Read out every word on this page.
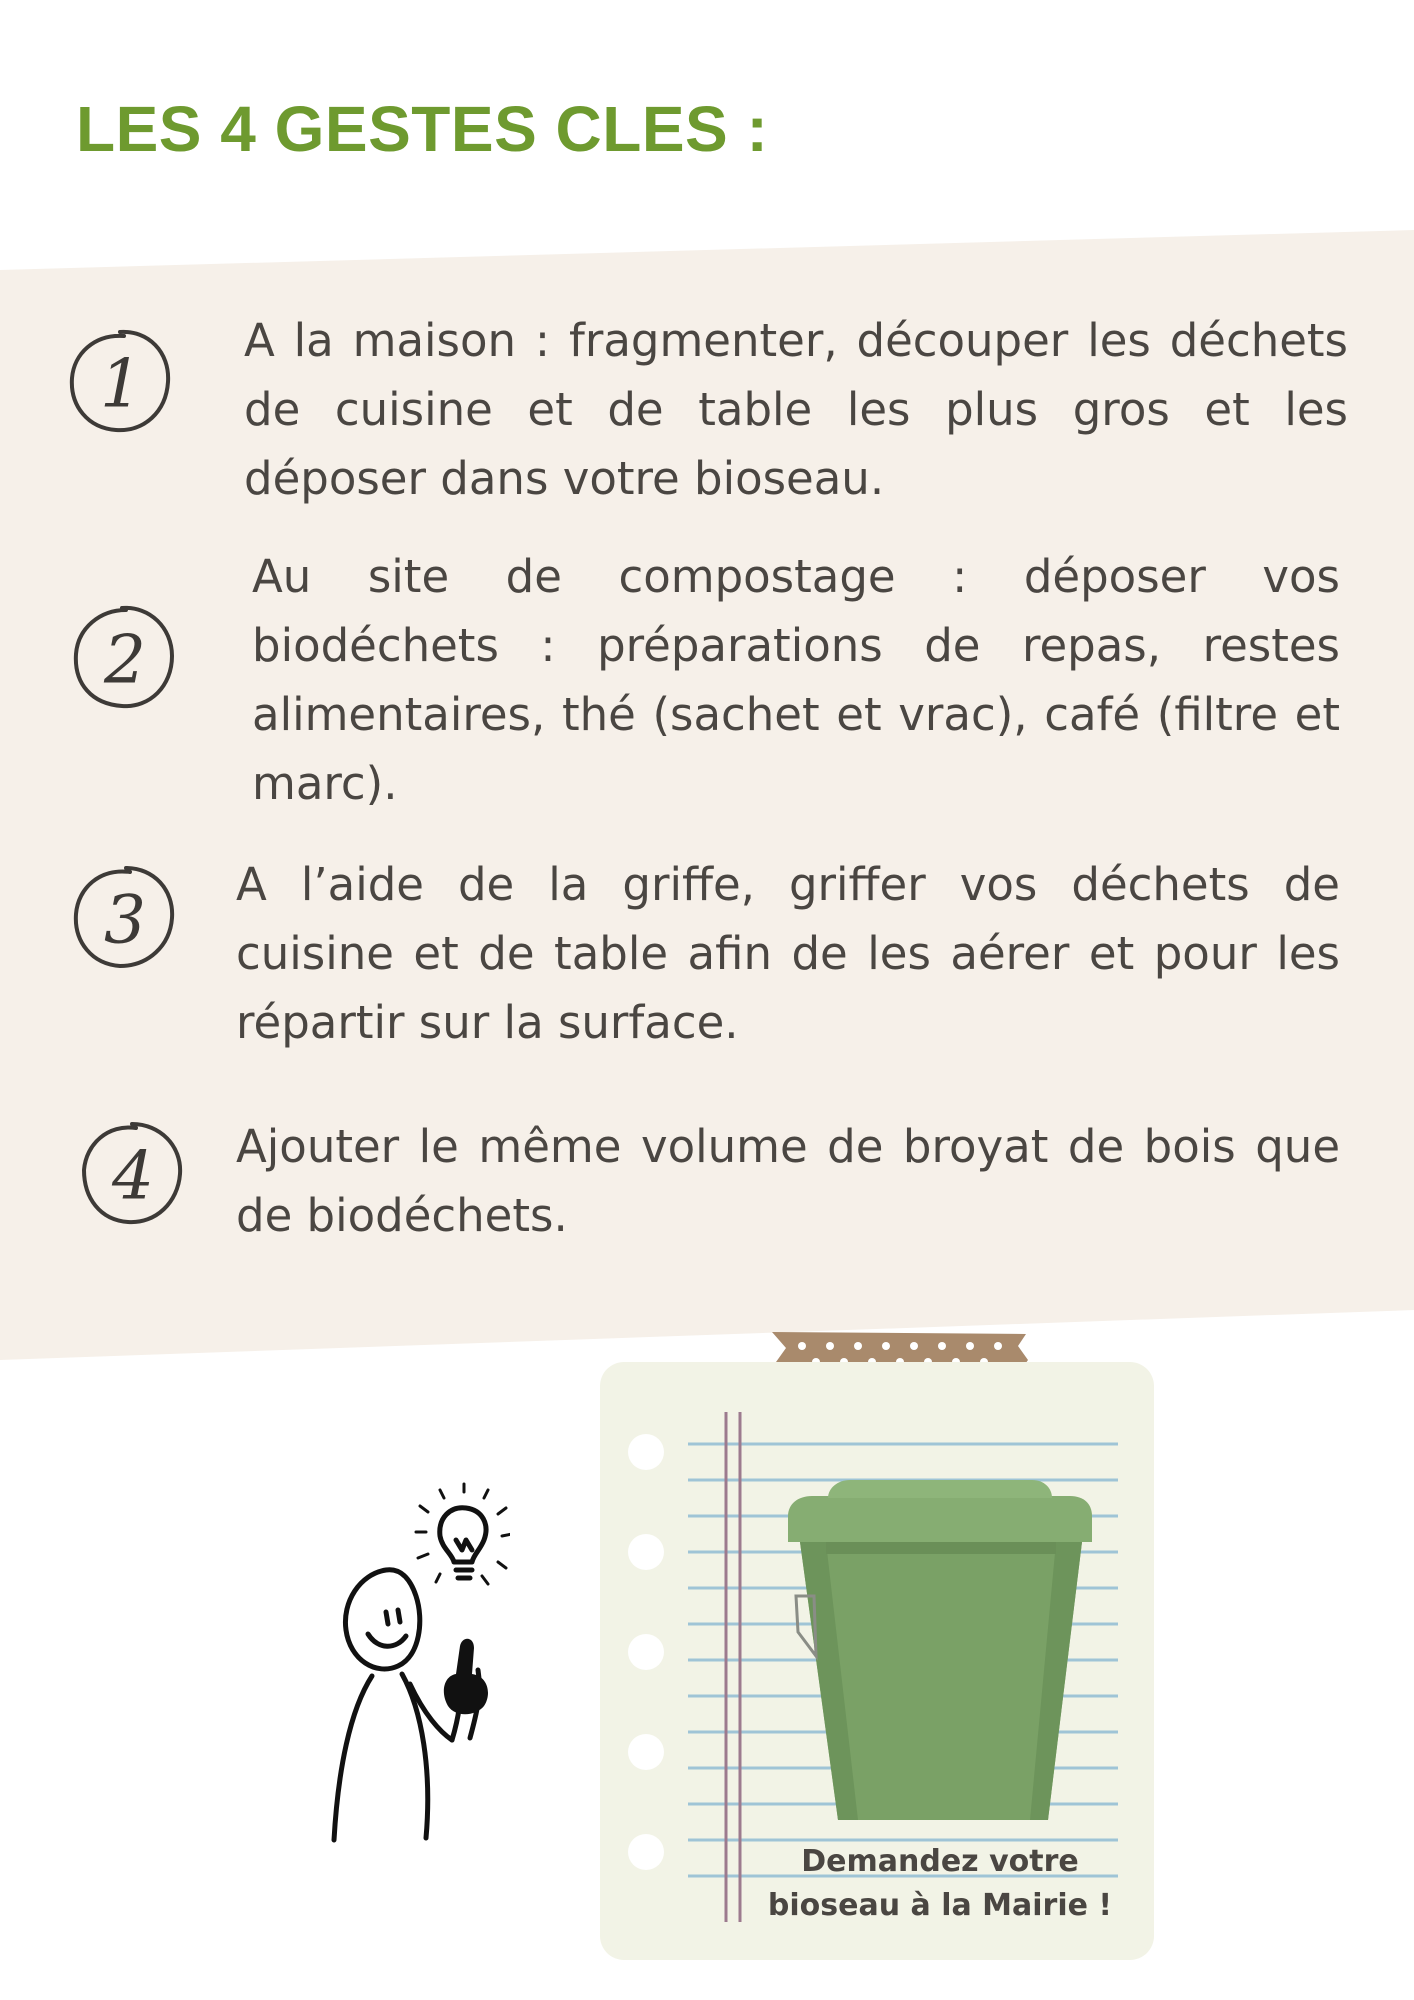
LES 4 GESTES CLES :
1

A la maison : fragmenter, découper les déchets de cuisine et de table les plus gros et les déposer dans votre bioseau.

2

Au site de compostage : déposer vos biodéchets : préparations de repas, restes alimentaires, thé (sachet et vrac), café (filtre et marc).

3 A l’aide de la griffe, griffer vos déchets de cuisine et de table afin de les aérer et pour les répartir sur la surface.

4 Ajouter le même volume de broyat de bois que de biodéchets.

Demandez votre
bioseau à la Mairie !
